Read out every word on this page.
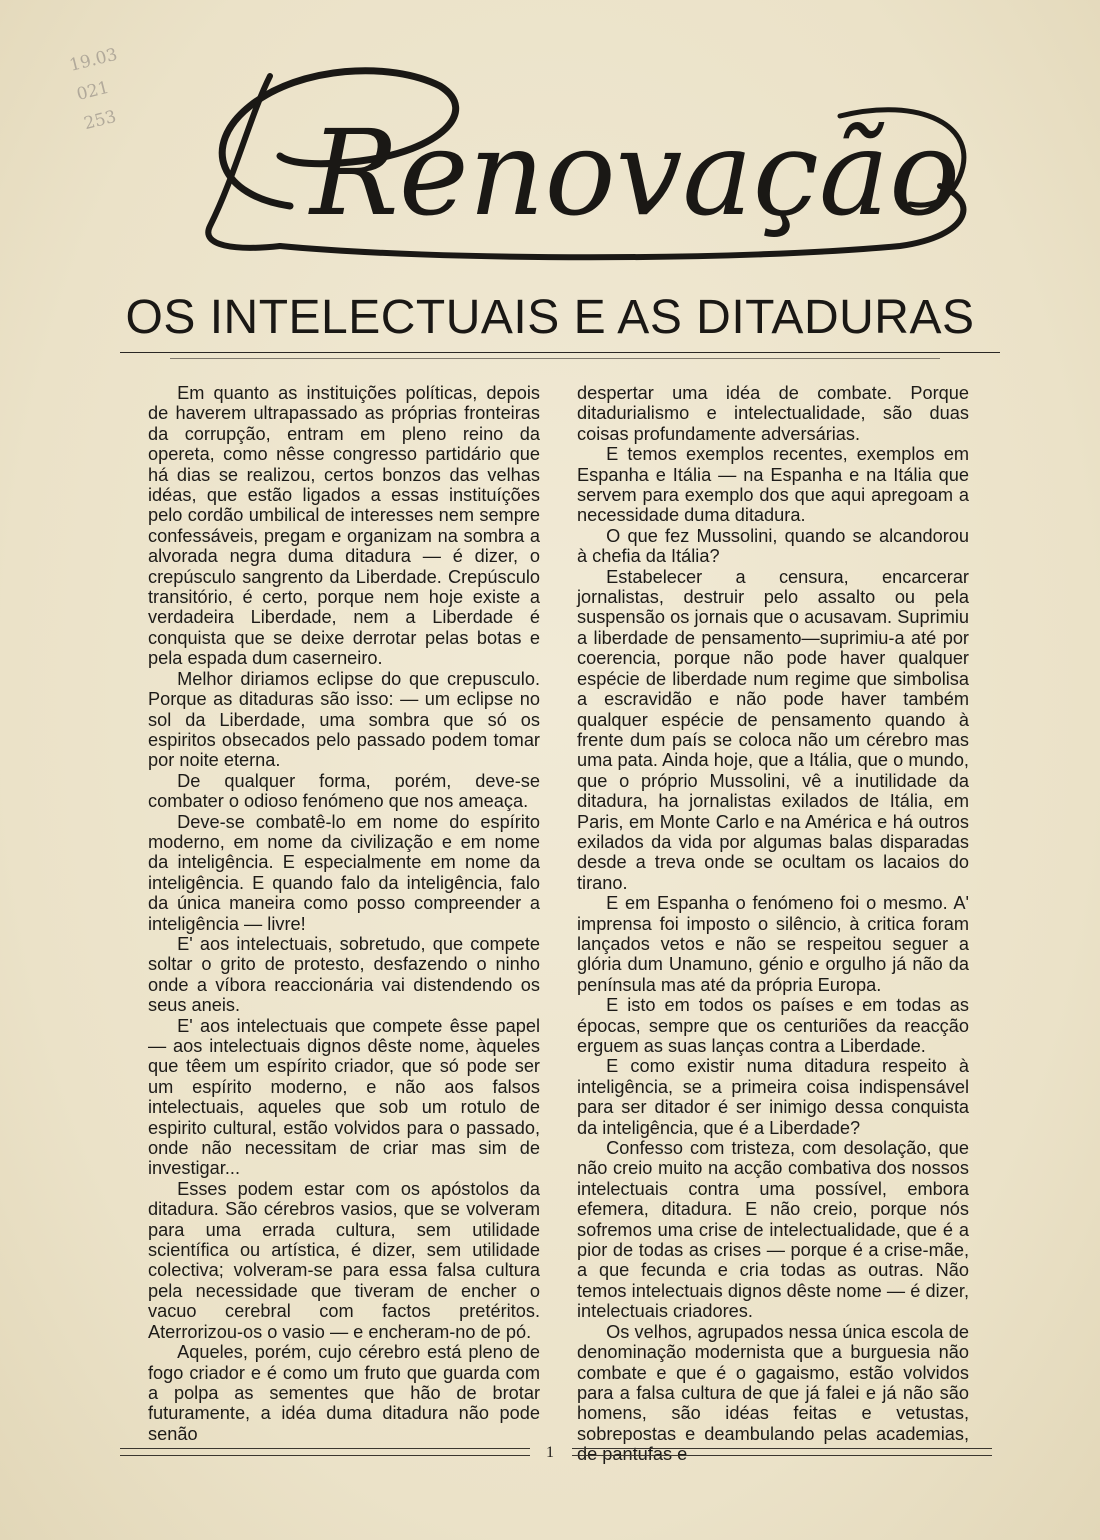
19.03
021
253	Renovação
OS INTELECTUAIS E AS DITADURAS

Em quanto as instituições políticas, depois de haverem ultrapassado as próprias fronteiras da corrupção, entram em pleno reino da opereta, como nêsse congresso partidário que há dias se realizou, certos bonzos das velhas idéas, que estão ligados a essas instituíções pelo cordão umbilical de interesses nem sempre confessáveis, pregam e organizam na sombra a alvorada negra duma ditadura — é dizer, o crepúsculo sangrento da Liberdade. Crepúsculo transitório, é certo, porque nem hoje existe a verdadeira Liberdade, nem a Liberdade é conquista que se deixe derrotar pelas botas e pela espada dum caserneiro.

Melhor diriamos eclipse do que crepusculo. Porque as ditaduras são isso: — um eclipse no sol da Liberdade, uma sombra que só os espiritos obsecados pelo passado podem tomar por noite eterna.

De qualquer forma, porém, deve-se combater o odioso fenómeno que nos ameaça.

Deve-se combatê-lo em nome do espírito moderno, em nome da civilização e em nome da inteligência. E especialmente em nome da inteligência. E quando falo da inteligência, falo da única maneira como posso compreender a inteligência — livre!

E' aos intelectuais, sobretudo, que compete soltar o grito de protesto, desfazendo o ninho onde a víbora reaccionária vai distendendo os seus aneis.

E' aos intelectuais que compete êsse papel — aos intelectuais dignos dêste nome, àqueles que têem um espírito criador, que só pode ser um espírito moderno, e não aos falsos intelectuais, aqueles que sob um rotulo de espirito cultural, estão volvidos para o passado, onde não necessitam de criar mas sim de investigar...

Esses podem estar com os apóstolos da ditadura. São cérebros vasios, que se volveram para uma errada cultura, sem utilidade scientífica ou artística, é dizer, sem utilidade colectiva; volveram-se para essa falsa cultura pela necessidade que tiveram de encher o vacuo cerebral com factos pretéritos. Aterrorizou-os o vasio — e encheram-no de pó.

Aqueles, porém, cujo cérebro está pleno de fogo criador e é como um fruto que guarda com a polpa as sementes que hão de brotar futuramente, a idéa duma ditadura não pode senão

despertar uma idéa de combate. Porque ditadurialismo e intelectualidade, são duas coisas profundamente adversárias.

E temos exemplos recentes, exemplos em Espanha e Itália — na Espanha e na Itália que servem para exemplo dos que aqui apregoam a necessidade duma ditadura.

O que fez Mussolini, quando se alcandorou à chefia da Itália?

Estabelecer a censura, encarcerar jornalistas, destruir pelo assalto ou pela suspensão os jornais que o acusavam. Suprimiu a liberdade de pensamento—suprimiu-a até por coerencia, porque não pode haver qualquer espécie de liberdade num regime que simbolisa a escravidão e não pode haver também qualquer espécie de pensamento quando à frente dum país se coloca não um cérebro mas uma pata. Ainda hoje, que a Itália, que o mundo, que o próprio Mussolini, vê a inutilidade da ditadura, ha jornalistas exilados de Itália, em Paris, em Monte Carlo e na América e há outros exilados da vida por algumas balas disparadas desde a treva onde se ocultam os lacaios do tirano.

E em Espanha o fenómeno foi o mesmo. A' imprensa foi imposto o silêncio, à critica foram lançados vetos e não se respeitou seguer a glória dum Unamuno, génio e orgulho já não da península mas até da própria Europa.

E isto em todos os países e em todas as épocas, sempre que os centuriões da reacção erguem as suas lanças contra a Liberdade.

E como existir numa ditadura respeito à inteligência, se a primeira coisa indispensável para ser ditador é ser inimigo dessa conquista da inteligência, que é a Liberdade?

Confesso com tristeza, com desolação, que não creio muito na acção combativa dos nossos intelectuais contra uma possível, embora efemera, ditadura. E não creio, porque nós sofremos uma crise de intelectualidade, que é a pior de todas as crises — porque é a crise-mãe, a que fecunda e cria todas as outras. Não temos intelectuais dignos dêste nome — é dizer, intelectuais criadores.

Os velhos, agrupados nessa única escola de denominação modernista que a burguesia não combate e que é o gagaismo, estão volvidos para a falsa cultura de que já falei e já não são homens, são idéas feitas e vetustas, sobrepostas e deambulando pelas academias, de pantufas e

1
